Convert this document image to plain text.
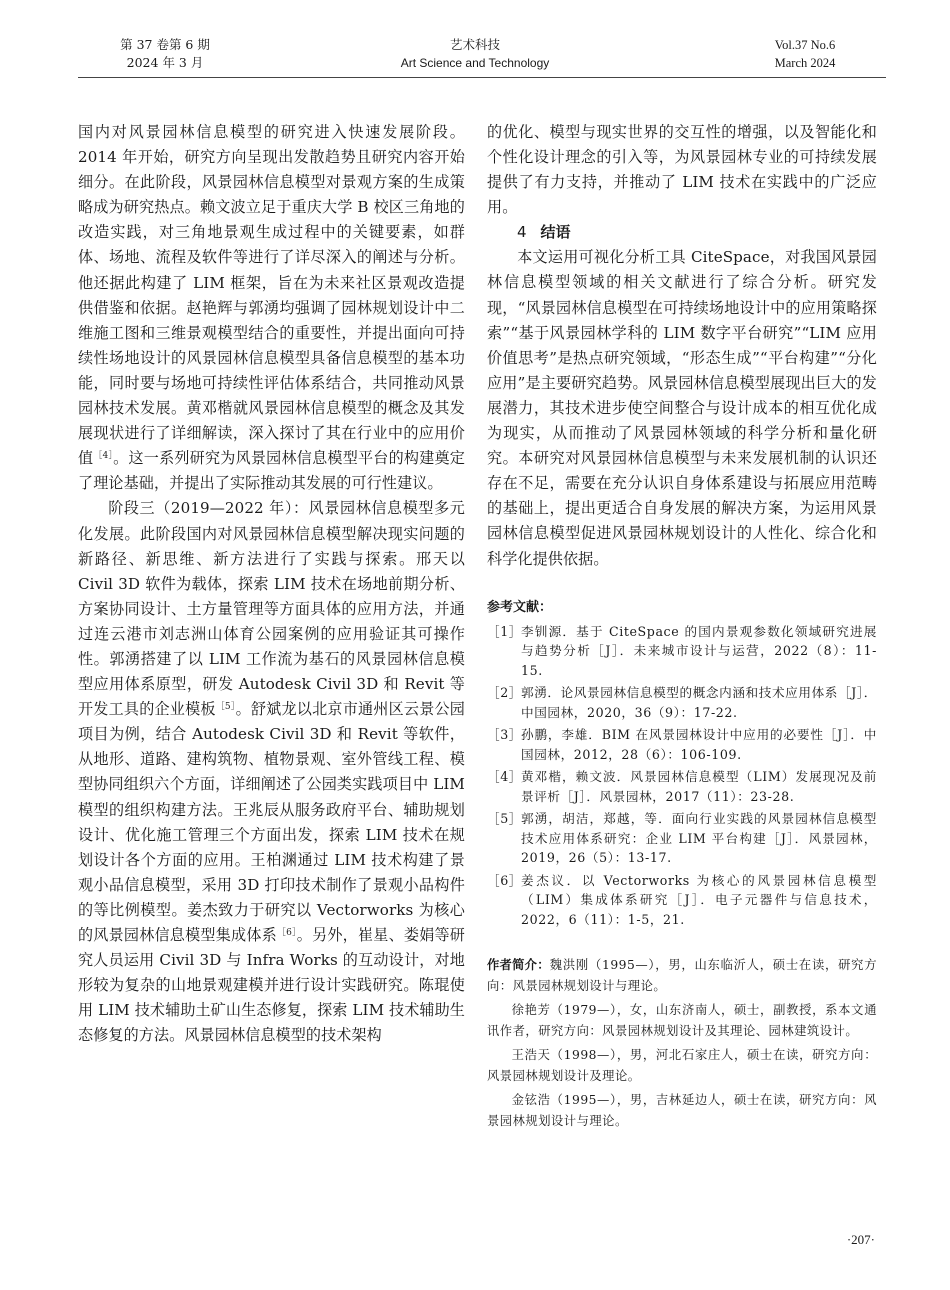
第 37 卷第 6 期
2024 年 3 月
艺术科技
Art Science and Technology
Vol.37 No.6
March 2024

国内对风景园林信息模型的研究进入快速发展阶段。2014 年开始，研究方向呈现出发散趋势且研究内容开始细分。在此阶段，风景园林信息模型对景观方案的生成策略成为研究热点。赖文波立足于重庆大学 B 校区三角地的改造实践，对三角地景观生成过程中的关键要素，如群体、场地、流程及软件等进行了详尽深入的阐述与分析。他还据此构建了 LIM 框架，旨在为未来社区景观改造提供借鉴和依据。赵艳辉与郭湧均强调了园林规划设计中二维施工图和三维景观模型结合的重要性，并提出面向可持续性场地设计的风景园林信息模型具备信息模型的基本功能，同时要与场地可持续性评估体系结合，共同推动风景园林技术发展。黄邓楷就风景园林信息模型的概念及其发展现状进行了详细解读，深入探讨了其在行业中的应用价值$^{[4]}$。这一系列研究为风景园林信息模型平台的构建奠定了理论基础，并提出了实际推动其发展的可行性建议。

阶段三（2019—2022 年）：风景园林信息模型多元化发展。此阶段国内对风景园林信息模型解决现实问题的新路径、新思维、新方法进行了实践与探索。邢天以 Civil 3D 软件为载体，探索 LIM 技术在场地前期分析、方案协同设计、土方量管理等方面具体的应用方法，并通过连云港市刘志洲山体育公园案例的应用验证其可操作性。郭湧搭建了以 LIM 工作流为基石的风景园林信息模型应用体系原型，研发 Autodesk Civil 3D 和 Revit 等开发工具的企业模板$^{[5]}$。舒斌龙以北京市通州区云景公园项目为例，结合 Autodesk Civil 3D 和 Revit 等软件，从地形、道路、建构筑物、植物景观、室外管线工程、模型协同组织六个方面，详细阐述了公园类实践项目中 LIM 模型的组织构建方法。王兆辰从服务政府平台、辅助规划设计、优化施工管理三个方面出发，探索 LIM 技术在规划设计各个方面的应用。王柏渊通过 LIM 技术构建了景观小品信息模型，采用 3D 打印技术制作了景观小品构件的等比例模型。姜杰致力于研究以 Vectorworks 为核心的风景园林信息模型集成体系$^{[6]}$。另外，崔星、娄娟等研究人员运用 Civil 3D 与 Infra Works 的互动设计，对地形较为复杂的山地景观建模并进行设计实践研究。陈琨使用 LIM 技术辅助土矿山生态修复，探索 LIM 技术辅助生态修复的方法。风景园林信息模型的技术架构

的优化、模型与现实世界的交互性的增强，以及智能化和个性化设计理念的引入等，为风景园林专业的可持续发展提供了有力支持，并推动了 LIM 技术在实践中的广泛应用。

4 结语

本文运用可视化分析工具 CiteSpace，对我国风景园林信息模型领域的相关文献进行了综合分析。研究发现，“风景园林信息模型在可持续场地设计中的应用策略探索”“基于风景园林学科的 LIM 数字平台研究”“LIM 应用价值思考”是热点研究领域，“形态生成”“平台构建”“分化应用”是主要研究趋势。风景园林信息模型展现出巨大的发展潜力，其技术进步使空间整合与设计成本的相互优化成为现实，从而推动了风景园林领域的科学分析和量化研究。本研究对风景园林信息模型与未来发展机制的认识还存在不足，需要在充分认识自身体系建设与拓展应用范畴的基础上，提出更适合自身发展的解决方案，为运用风景园林信息模型促进风景园林规划设计的人性化、综合化和科学化提供依据。

参考文献：
［1］ 李钏源．基于 CiteSpace 的国内景观参数化领域研究进展与趋势分析［J］．未来城市设计与运营，2022（8）：11-15.
［2］ 郭湧．论风景园林信息模型的概念内涵和技术应用体系［J］．中国园林，2020，36（9）：17-22.
［3］ 孙鹏，李雄．BIM 在风景园林设计中应用的必要性［J］．中国园林，2012，28（6）：106-109.
［4］ 黄邓楷，赖文波．风景园林信息模型（LIM）发展现况及前景评析［J］．风景园林，2017（11）：23-28.
［5］ 郭湧，胡洁，郑越，等．面向行业实践的风景园林信息模型技术应用体系研究：企业 LIM 平台构建［J］．风景园林，2019，26（5）：13-17.
［6］ 姜杰议．以 Vectorworks 为核心的风景园林信息模型（LIM）集成体系研究［J］．电子元器件与信息技术，2022，6（11）：1-5，21.

作者简介：魏洪刚（1995—），男，山东临沂人，硕士在读，研究方向：风景园林规划设计与理论。

徐艳芳（1979—），女，山东济南人，硕士，副教授，系本文通讯作者，研究方向：风景园林规划设计及其理论、园林建筑设计。

王浩天（1998—），男，河北石家庄人，硕士在读，研究方向：风景园林规划设计及理论。

金铉浩（1995—），男，吉林延边人，硕士在读，研究方向：风景园林规划设计与理论。

·207·
